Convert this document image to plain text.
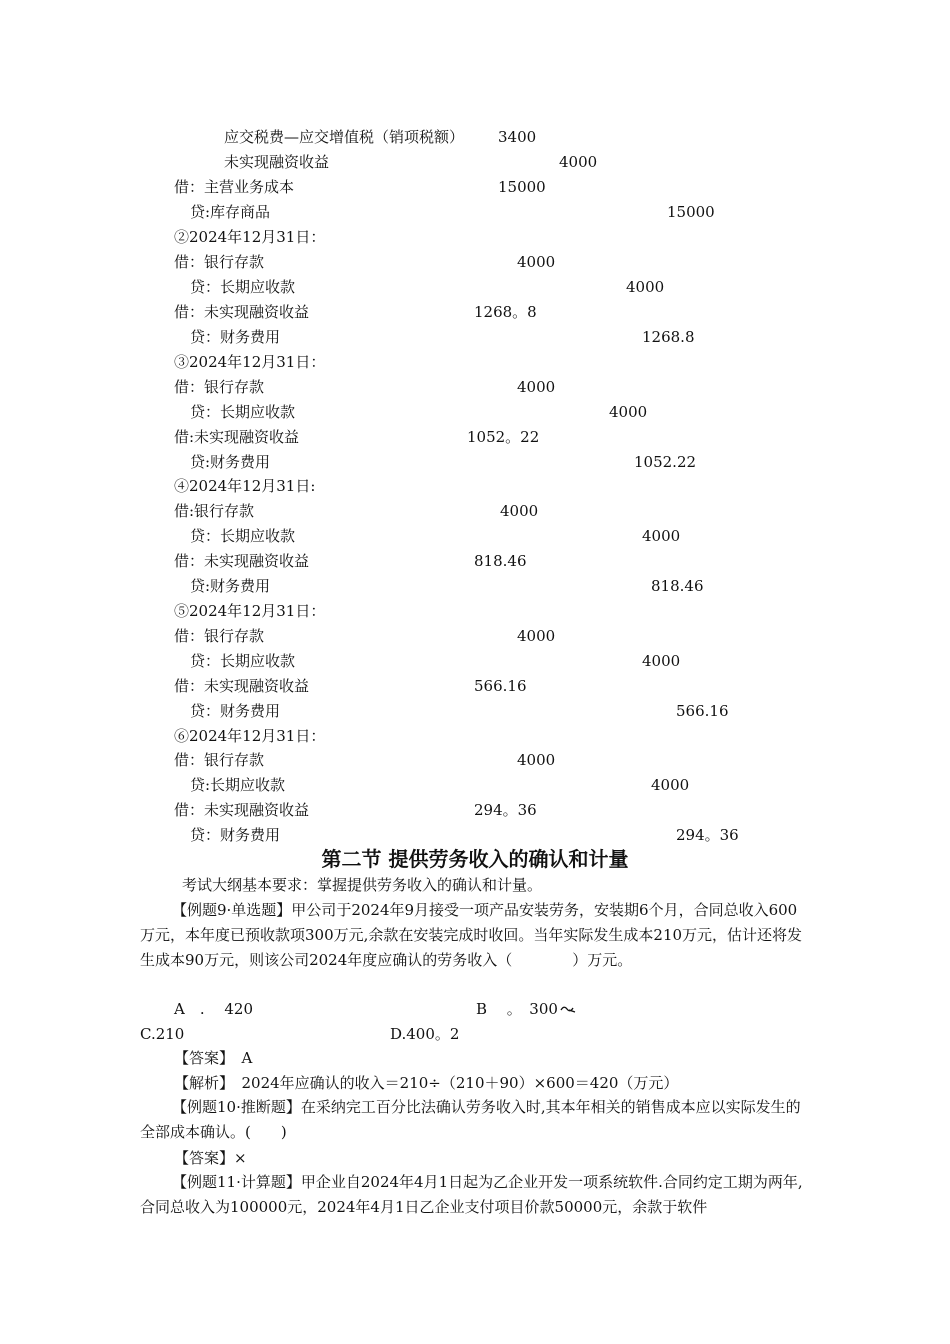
应交税费—应交增值税（销项税额） 3400
未实现融资收益	4000
借：主营业务成本	15000
贷:库存商品	15000
②2024年12月31日：
借：银行存款	4000
贷：长期应收款	4000
借：未实现融资收益	1268。8
贷：财务费用	1268.8
③2024年12月31日：
借：银行存款	4000
贷：长期应收款	4000
借:未实现融资收益	1052。22
贷:财务费用	1052.22
④2024年12月31日:
借:银行存款	4000
贷：长期应收款	4000
借：未实现融资收益	818.46
贷:财务费用	818.46
⑤2024年12月31日：
借：银行存款	4000
贷：长期应收款	4000
借：未实现融资收益	566.16
贷：财务费用	566.16
⑥2024年12月31日：
借：银行存款	4000
贷:长期应收款	4000
借：未实现融资收益	294。36
贷：财务费用	294。36
第二节 提供劳务收入的确认和计量
考试大纲基本要求：掌握提供劳务收入的确认和计量。
【例题9·单选题】甲公司于2024年9月接受一项产品安装劳务，安装期6个月，合同总收入600万元，本年度已预收款项300万元,余款在安装完成时收回。当年实际发生成本210万元，估计还将发生成本90万元，则该公司2024年度应确认的劳务收入（　　　　）万元。
A　.　 420	B　 。　300
C.210	D.400。2
【答案】　A
【解析】　2024年应确认的收入＝210÷（210＋90）×600＝420（万元）
【例题10·推断题】在采纳完工百分比法确认劳务收入时,其本年相关的销售成本应以实际发生的全部成本确认。(　　)
【答案】×
【例题11·计算题】甲企业自2024年4月1日起为乙企业开发一项系统软件.合同约定工期为两年,合同总收入为100000元，2024年4月1日乙企业支付项目价款50000元，余款于软件
